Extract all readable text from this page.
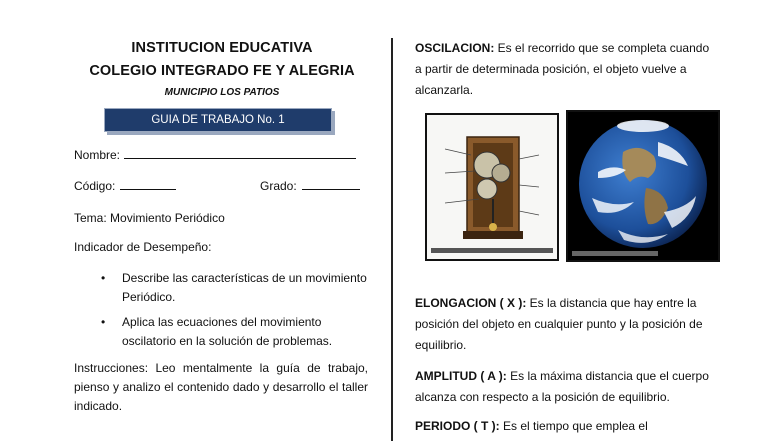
INSTITUCION EDUCATIVA
COLEGIO INTEGRADO FE Y ALEGRIA
MUNICIPIO LOS PATIOS
GUIA DE TRABAJO No. 1
Nombre:
Código:	Grado:
Tema: Movimiento Periódico
Indicador de Desempeño:
• Describe las características de un movimiento Periódico.
• Aplica las ecuaciones del movimiento oscilatorio en la solución de problemas.
Instrucciones: Leo mentalmente la guía de trabajo, pienso y analizo el contenido dado y desarrollo el taller indicado.
OSCILACION: Es el recorrido que se completa cuando a partir de determinada posición, el objeto vuelve a alcanzarla.
ELONGACION ( X ): Es la distancia que hay entre la posición del objeto en cualquier punto y la posición de equilibrio.
AMPLITUD ( A ): Es la máxima distancia que el cuerpo alcanza con respecto a la posición de equilibrio.
PERIODO ( T ): Es el tiempo que emplea el
